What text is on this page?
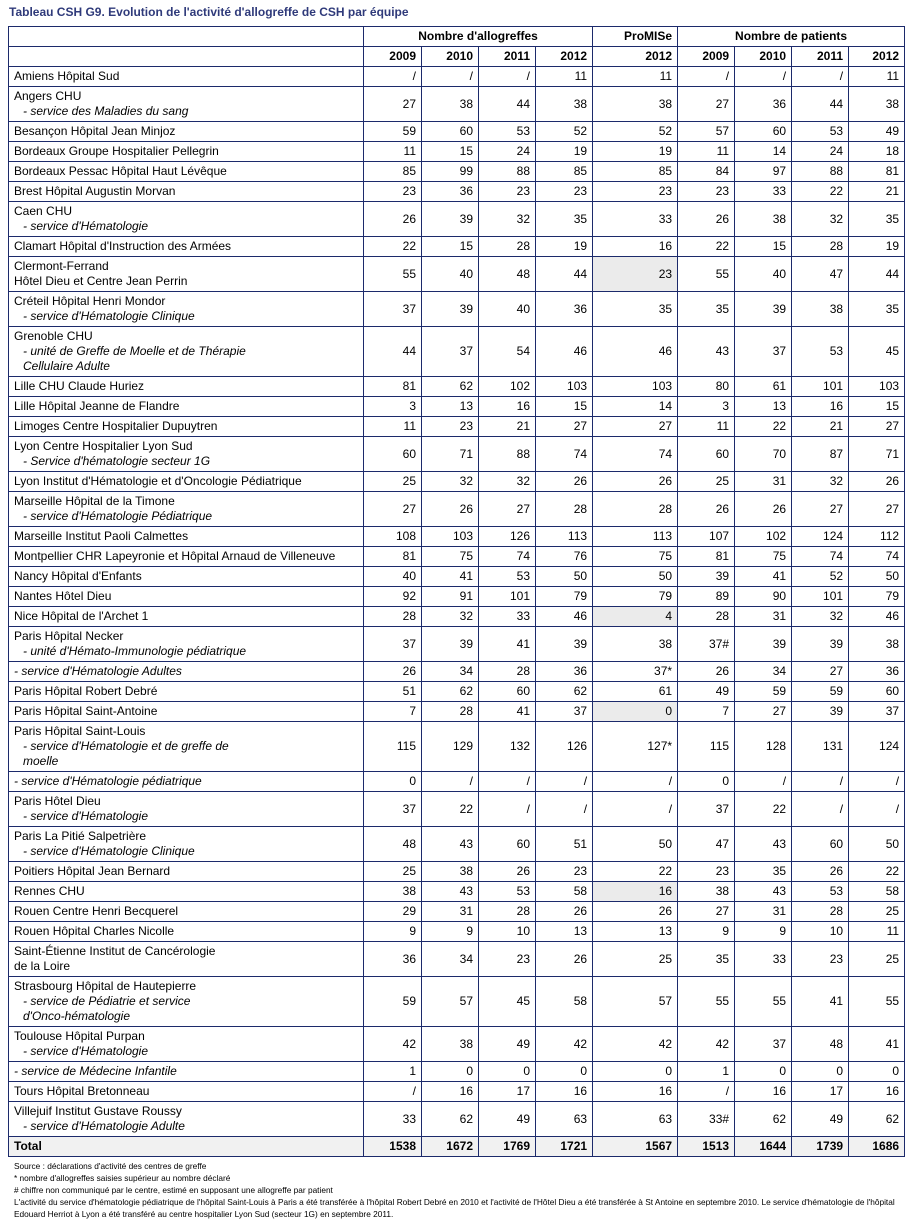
Tableau CSH G9. Evolution de l'activité d'allogreffe de CSH par équipe
	Nombre d'allogreffes				ProMISe	Nombre de patients			
	2009	2010	2011	2012	2012	2009	2010	2011	2012

Amiens Hôpital Sud	/	/	/	11	11	/	/	/	11

Angers CHU
- service des Maladies du sang	27	38	44	38	38	27	36	44	38

Besançon Hôpital Jean Minjoz	59	60	53	52	52	57	60	53	49

Bordeaux Groupe Hospitalier Pellegrin	11	15	24	19	19	11	14	24	18

Bordeaux Pessac Hôpital Haut Lévêque	85	99	88	85	85	84	97	88	81

Brest Hôpital Augustin Morvan	23	36	23	23	23	23	33	22	21

Caen CHU
- service d'Hématologie	26	39	32	35	33	26	38	32	35

Clamart Hôpital d'Instruction des Armées	22	15	28	19	16	22	15	28	19

Clermont-Ferrand
Hôtel Dieu et Centre Jean Perrin	55	40	48	44	23	55	40	47	44

Créteil Hôpital Henri Mondor
- service d'Hématologie Clinique	37	39	40	36	35	35	39	38	35

Grenoble CHU
- unité de Greffe de Moelle et de Thérapie
Cellulaire Adulte	44	37	54	46	46	43	37	53	45

Lille CHU Claude Huriez	81	62	102	103	103	80	61	101	103

Lille Hôpital Jeanne de Flandre	3	13	16	15	14	3	13	16	15

Limoges Centre Hospitalier Dupuytren	11	23	21	27	27	11	22	21	27

Lyon Centre Hospitalier Lyon Sud
- Service d'hématologie secteur 1G	60	71	88	74	74	60	70	87	71

Lyon Institut d'Hématologie et d'Oncologie Pédiatrique	25	32	32	26	26	25	31	32	26

Marseille Hôpital de la Timone
- service d'Hématologie Pédiatrique	27	26	27	28	28	26	26	27	27

Marseille Institut Paoli Calmettes	108	103	126	113	113	107	102	124	112

Montpellier CHR Lapeyronie et Hôpital Arnaud de Villeneuve	81	75	74	76	75	81	75	74	74

Nancy Hôpital d'Enfants	40	41	53	50	50	39	41	52	50

Nantes Hôtel Dieu	92	91	101	79	79	89	90	101	79

Nice Hôpital de l'Archet 1	28	32	33	46	4	28	31	32	46

Paris Hôpital Necker
- unité d'Hémato-Immunologie pédiatrique	37	39	41	39	38	37#	39	39	38

- service d'Hématologie Adultes	26	34	28	36	37*	26	34	27	36

Paris Hôpital Robert Debré	51	62	60	62	61	49	59	59	60

Paris Hôpital Saint-Antoine	7	28	41	37	0	7	27	39	37

Paris Hôpital Saint-Louis
- service d'Hématologie et de greffe de
moelle	115	129	132	126	127*	115	128	131	124

- service d'Hématologie pédiatrique	0	/	/	/	/	0	/	/	/

Paris Hôtel Dieu
- service d'Hématologie	37	22	/	/	/	37	22	/	/

Paris La Pitié Salpetrière
- service d'Hématologie Clinique	48	43	60	51	50	47	43	60	50

Poitiers Hôpital Jean Bernard	25	38	26	23	22	23	35	26	22

Rennes CHU	38	43	53	58	16	38	43	53	58

Rouen Centre Henri Becquerel	29	31	28	26	26	27	31	28	25

Rouen Hôpital Charles Nicolle	9	9	10	13	13	9	9	10	11

Saint-Étienne Institut de Cancérologie
de la Loire	36	34	23	26	25	35	33	23	25

Strasbourg Hôpital de Hautepierre
- service de Pédiatrie et service
d'Onco-hématologie	59	57	45	58	57	55	55	41	55

Toulouse Hôpital Purpan
- service d'Hématologie	42	38	49	42	42	42	37	48	41

- service de Médecine Infantile	1	0	0	0	0	1	0	0	0

Tours Hôpital Bretonneau	/	16	17	16	16	/	16	17	16

Villejuif Institut Gustave Roussy
- service d'Hématologie Adulte	33	62	49	63	63	33#	62	49	62
Total	1538	1672	1769	1721	1567	1513	1644	1739	1686
Source : déclarations d'activité des centres de greffe
* nombre d'allogreffes saisies supérieur au nombre déclaré
# chiffre non communiqué par le centre, estimé en supposant une allogreffe par patient
L'activité du service d'hématologie pédiatrique de l'hôpital Saint-Louis à Paris a été transférée à l'hôpital Robert Debré en 2010 et l'activité de l'Hôtel Dieu a été transférée à St Antoine en septembre 2010. Le service d'hématologie de l'hôpital Edouard Herriot à Lyon a été transféré au centre hospitalier Lyon Sud (secteur 1G) en septembre 2011.
